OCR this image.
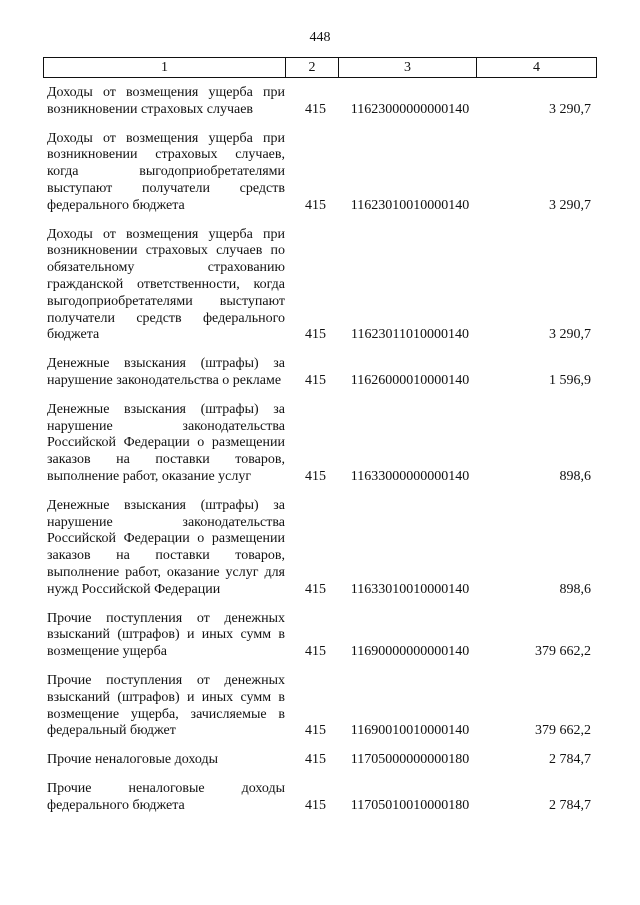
448
1	2	3	4
Доходы от возмещения ущерба при возникновении страховых случаев	415	11623000000000140	3 290,7
Доходы от возмещения ущерба при возникновении страховых случаев, когда выгодоприобретателями выступают получатели средств федерального бюджета	415	11623010010000140	3 290,7
Доходы от возмещения ущерба при возникновении страховых случаев по обязательному страхованию гражданской ответственности, когда выгодоприобретателями выступают получатели средств федерального бюджета	415	11623011010000140	3 290,7
Денежные взыскания (штрафы) за нарушение законодательства о рекламе	415	11626000010000140	1 596,9
Денежные взыскания (штрафы) за нарушение законодательства Российской Федерации о размещении заказов на поставки товаров, выполнение работ, оказание услуг	415	11633000000000140	898,6
Денежные взыскания (штрафы) за нарушение законодательства Российской Федерации о размещении заказов на поставки товаров, выполнение работ, оказание услуг для нужд Российской Федерации	415	11633010010000140	898,6
Прочие поступления от денежных взысканий (штрафов) и иных сумм в возмещение ущерба	415	11690000000000140	379 662,2
Прочие поступления от денежных взысканий (штрафов) и иных сумм в возмещение ущерба, зачисляемые в федеральный бюджет	415	11690010010000140	379 662,2
Прочие неналоговые доходы	415	11705000000000180	2 784,7
Прочие неналоговые доходы федерального бюджета	415	11705010010000180	2 784,7
